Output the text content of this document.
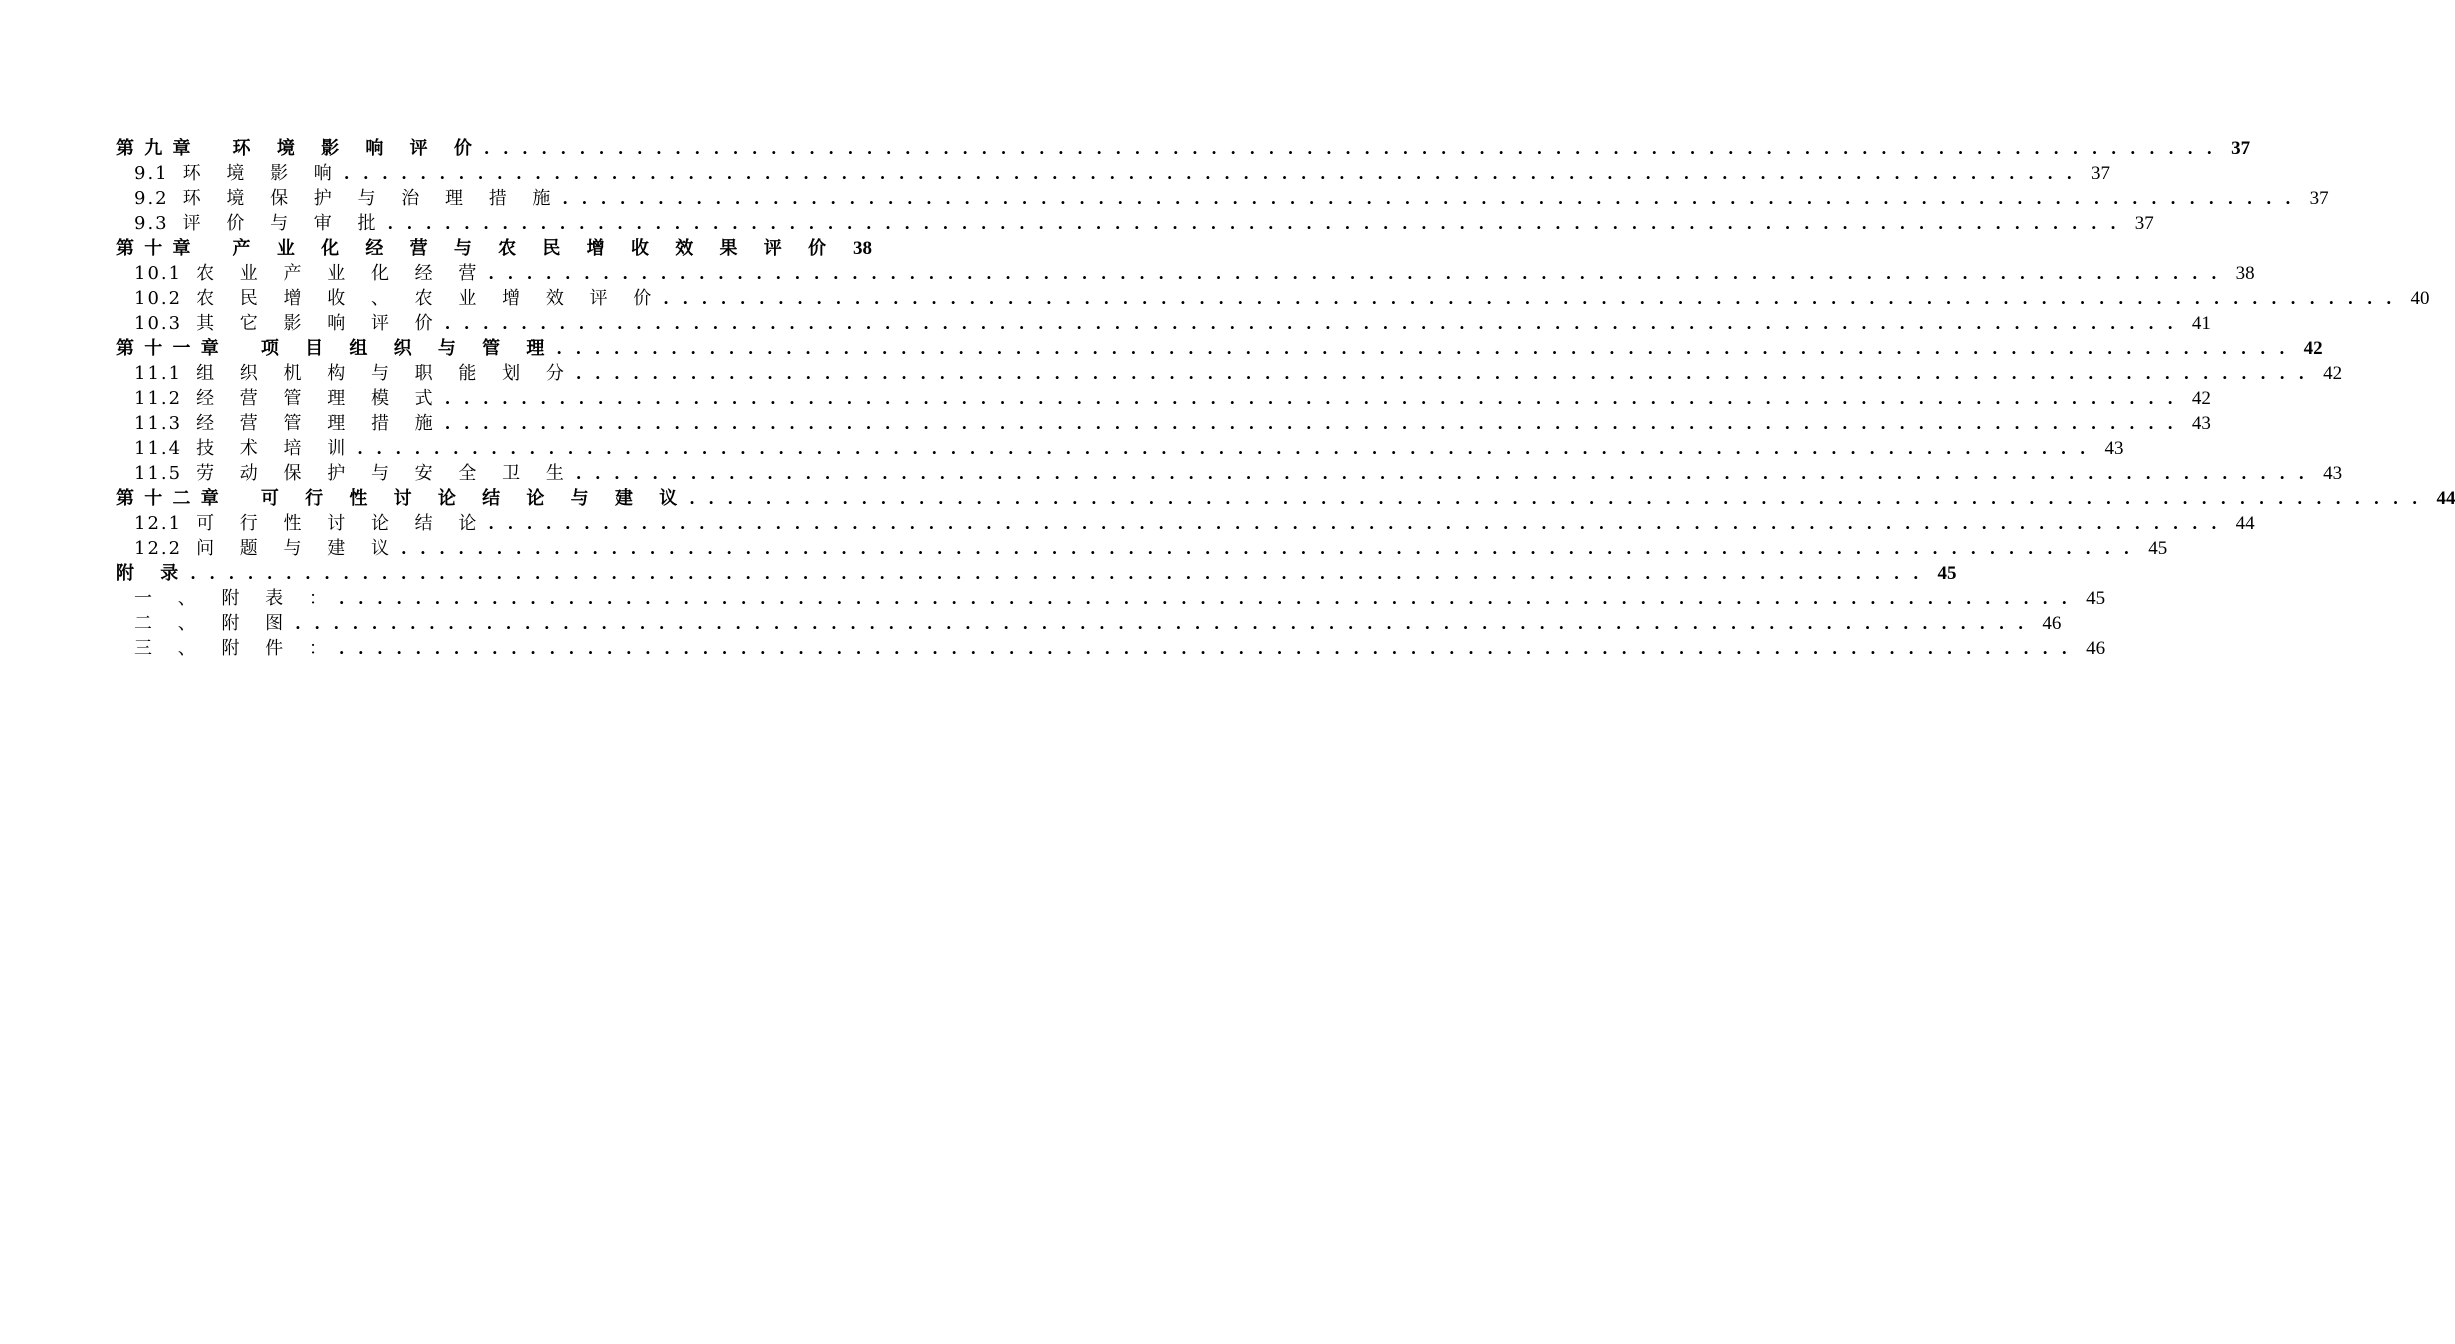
第 九 章 环 境 影 响 评 价 . . . . . . . . . . . . . . . . . . . . . . . . . . . . . . . . . . . . . . . . . . . . . . . . . . . . . . . . . . . . . . . . . . . . . . . . . . . . . . . . . . . . . . . . . . . 37
9.1 环 境 影 响 . . . . . . . . . . . . . . . . . . . . . . . . . . . . . . . . . . . . . . . . . . . . . . . . . . . . . . . . . . . . . . . . . . . . . . . . . . . . . . . . . . . . . . . . . . . 37
9.2 环 境 保 护 与 治 理 措 施 . . . . . . . . . . . . . . . . . . . . . . . . . . . . . . . . . . . . . . . . . . . . . . . . . . . . . . . . . . . . . . . . . . . . . . . . . . . . . . . . . . . . . . . . . . . 37
9.3 评 价 与 审 批 . . . . . . . . . . . . . . . . . . . . . . . . . . . . . . . . . . . . . . . . . . . . . . . . . . . . . . . . . . . . . . . . . . . . . . . . . . . . . . . . . . . . . . . . . . . 37
第 十 章 产 业 化 经 营 与 农 民 增 收 效 果 评 价 38
10.1 农 业 产 业 化 经 营 . . . . . . . . . . . . . . . . . . . . . . . . . . . . . . . . . . . . . . . . . . . . . . . . . . . . . . . . . . . . . . . . . . . . . . . . . . . . . . . . . . . . . . . . . . . 38
10.2 农 民 增 收 、 农 业 增 效 评 价 . . . . . . . . . . . . . . . . . . . . . . . . . . . . . . . . . . . . . . . . . . . . . . . . . . . . . . . . . . . . . . . . . . . . . . . . . . . . . . . . . . . . . . . . . . . 40
10.3 其 它 影 响 评 价 . . . . . . . . . . . . . . . . . . . . . . . . . . . . . . . . . . . . . . . . . . . . . . . . . . . . . . . . . . . . . . . . . . . . . . . . . . . . . . . . . . . . . . . . . . . 41
第 十 一 章 项 目 组 织 与 管 理 . . . . . . . . . . . . . . . . . . . . . . . . . . . . . . . . . . . . . . . . . . . . . . . . . . . . . . . . . . . . . . . . . . . . . . . . . . . . . . . . . . . . . . . . . . . 42
11.1 组 织 机 构 与 职 能 划 分 . . . . . . . . . . . . . . . . . . . . . . . . . . . . . . . . . . . . . . . . . . . . . . . . . . . . . . . . . . . . . . . . . . . . . . . . . . . . . . . . . . . . . . . . . . . 42
11.2 经 营 管 理 模 式 . . . . . . . . . . . . . . . . . . . . . . . . . . . . . . . . . . . . . . . . . . . . . . . . . . . . . . . . . . . . . . . . . . . . . . . . . . . . . . . . . . . . . . . . . . . 42
11.3 经 营 管 理 措 施 . . . . . . . . . . . . . . . . . . . . . . . . . . . . . . . . . . . . . . . . . . . . . . . . . . . . . . . . . . . . . . . . . . . . . . . . . . . . . . . . . . . . . . . . . . . 43
11.4 技 术 培 训 . . . . . . . . . . . . . . . . . . . . . . . . . . . . . . . . . . . . . . . . . . . . . . . . . . . . . . . . . . . . . . . . . . . . . . . . . . . . . . . . . . . . . . . . . . . 43
11.5 劳 动 保 护 与 安 全 卫 生 . . . . . . . . . . . . . . . . . . . . . . . . . . . . . . . . . . . . . . . . . . . . . . . . . . . . . . . . . . . . . . . . . . . . . . . . . . . . . . . . . . . . . . . . . . . 43
第 十 二 章 可 行 性 讨 论 结 论 与 建 议 . . . . . . . . . . . . . . . . . . . . . . . . . . . . . . . . . . . . . . . . . . . . . . . . . . . . . . . . . . . . . . . . . . . . . . . . . . . . . . . . . . . . . . . . . . . 44
12.1 可 行 性 讨 论 结 论 . . . . . . . . . . . . . . . . . . . . . . . . . . . . . . . . . . . . . . . . . . . . . . . . . . . . . . . . . . . . . . . . . . . . . . . . . . . . . . . . . . . . . . . . . . . 44
12.2 问 题 与 建 议 . . . . . . . . . . . . . . . . . . . . . . . . . . . . . . . . . . . . . . . . . . . . . . . . . . . . . . . . . . . . . . . . . . . . . . . . . . . . . . . . . . . . . . . . . . . 45
附 录 . . . . . . . . . . . . . . . . . . . . . . . . . . . . . . . . . . . . . . . . . . . . . . . . . . . . . . . . . . . . . . . . . . . . . . . . . . . . . . . . . . . . . . . . . . . 45
一 、 附 表 ： . . . . . . . . . . . . . . . . . . . . . . . . . . . . . . . . . . . . . . . . . . . . . . . . . . . . . . . . . . . . . . . . . . . . . . . . . . . . . . . . . . . . . . . . . . . 45
二 、 附 图 . . . . . . . . . . . . . . . . . . . . . . . . . . . . . . . . . . . . . . . . . . . . . . . . . . . . . . . . . . . . . . . . . . . . . . . . . . . . . . . . . . . . . . . . . . . 46
三 、 附 件 ： . . . . . . . . . . . . . . . . . . . . . . . . . . . . . . . . . . . . . . . . . . . . . . . . . . . . . . . . . . . . . . . . . . . . . . . . . . . . . . . . . . . . . . . . . . . 46
